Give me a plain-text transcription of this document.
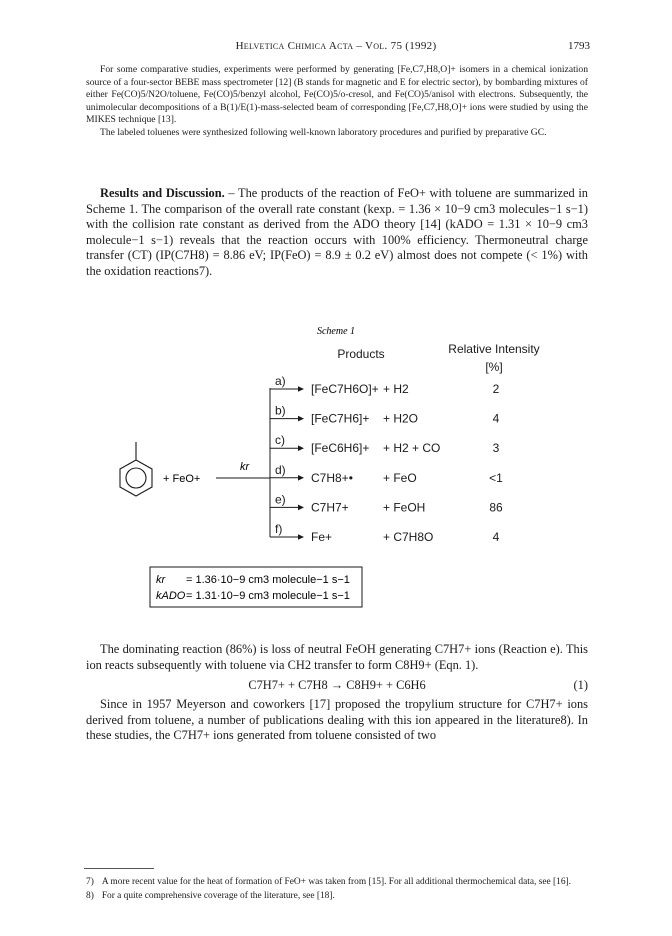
Helvetica Chimica Acta – Vol. 75 (1992)	1793

For some comparative studies, experiments were performed by generating [Fe,C7,H8,O]+ isomers in a chemical ionization source of a four-sector BEBE mass spectrometer [12] (B stands for magnetic and E for electric sector), by bombarding mixtures of either Fe(CO)5/N2O/toluene, Fe(CO)5/benzyl alcohol, Fe(CO)5/o-cresol, and Fe(CO)5/anisol with electrons. Subsequently, the unimolecular decompositions of a B(1)/E(1)-mass-selected beam of corresponding [Fe,C7,H8,O]+ ions were studied by using the MIKES technique [13].

The labeled toluenes were synthesized following well-known laboratory procedures and purified by preparative GC.

Results and Discussion. – The products of the reaction of FeO+ with toluene are summarized in Scheme 1. The comparison of the overall rate constant (kexp. = 1.36 × 10−9 cm3 molecules−1 s−1) with the collision rate constant as derived from the ADO theory [14] (kADO = 1.31 × 10−9 cm3 molecule−1 s−1) reveals that the reaction occurs with 100% efficiency. Thermoneutral charge transfer (CT) (IP(C7H8) = 8.86 eV; IP(FeO) = 8.9 ± 0.2 eV) almost does not compete (< 1%) with the oxidation reactions7).

Scheme 1
Products	Relative Intensity
[%]
+ FeO+
kr
a)
[FeC7H6O]+ + H2	2
b)
[FeC7H6]+ + H2O	4
c)
[FeC6H6]+ + H2 + CO	3
d)
C7H8+•	+ FeO	<1
e)
C7H7+	+ FeOH	86
f)
Fe+	+ C7H8O	4
kr = 1.36·10−9 cm3 molecule−1 s−1
kADO = 1.31·10−9 cm3 molecule−1 s−1

The dominating reaction (86%) is loss of neutral FeOH generating C7H7+ ions (Reaction e). This ion reacts subsequently with toluene via CH2 transfer to form C8H9+ (Eqn. 1).

C7H7+ + C7H8 → C8H9+ + C6H6	(1)

Since in 1957 Meyerson and coworkers [17] proposed the tropylium structure for C7H7+ ions derived from toluene, a number of publications dealing with this ion appeared in the literature8). In these studies, the C7H7+ ions generated from toluene consisted of two

7) A more recent value for the heat of formation of FeO+ was taken from [15]. For all additional thermochemical data, see [16].
8) For a quite comprehensive coverage of the literature, see [18].
